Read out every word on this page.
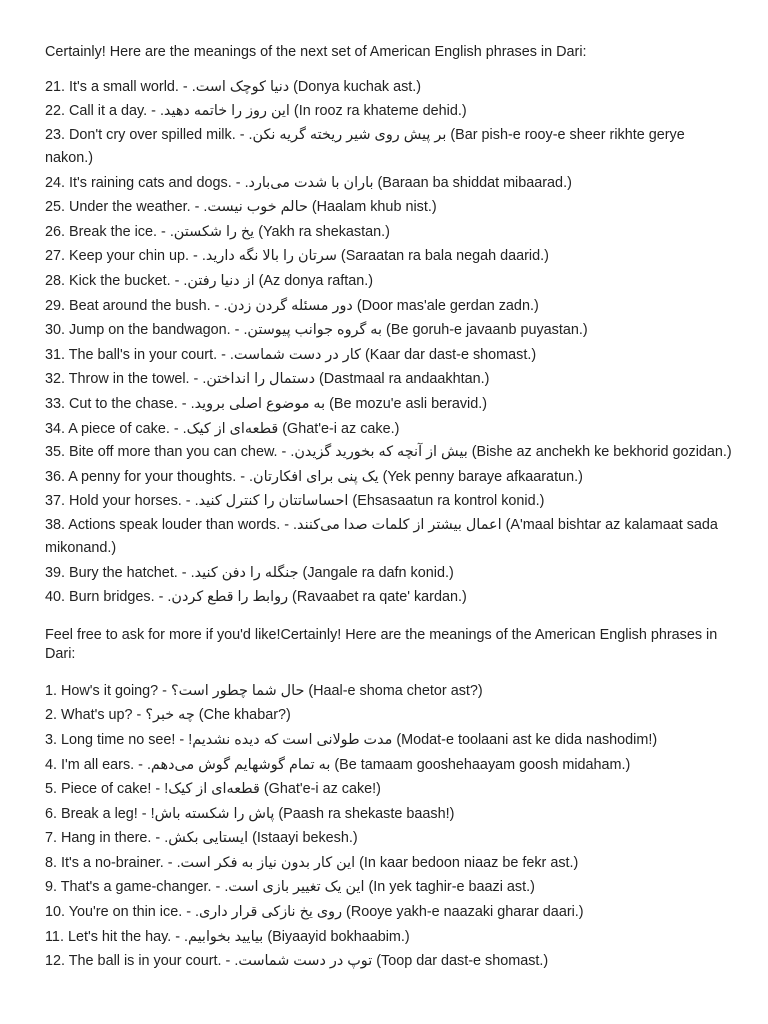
Certainly! Here are the meanings of the next set of American English phrases in Dari:

21. It's a small world. - دنیا کوچک است. (Donya kuchak ast.)
22. Call it a day. - این روز را خاتمه دهید. (In rooz ra khateme dehid.)
23. Don't cry over spilled milk. - بر پیش روی شیر ریخته گریه نکن. (Bar pish-e rooy-e sheer rikhte gerye nakon.)
24. It's raining cats and dogs. - باران با شدت می‌بارد. (Baraan ba shiddat mibaarad.)
25. Under the weather. - حالم خوب نیست. (Haalam khub nist.)
26. Break the ice. - یخ را شکستن. (Yakh ra shekastan.)
27. Keep your chin up. - سرتان را بالا نگه دارید. (Saraatan ra bala negah daarid.)
28. Kick the bucket. - از دنیا رفتن. (Az donya raftan.)
29. Beat around the bush. - دور مسئله گردن زدن. (Door mas'ale gerdan zadn.)
30. Jump on the bandwagon. - به گروه جوانب پیوستن. (Be goruh-e javaanb puyastan.)
31. The ball's in your court. - کار در دست شماست. (Kaar dar dast-e shomast.)
32. Throw in the towel. - دستمال را انداختن. (Dastmaal ra andaakhtan.)
33. Cut to the chase. - به موضوع اصلی بروید. (Be mozu'e asli beravid.)
34. A piece of cake. - قطعه‌ای از کیک. (Ghat'e-i az cake.)
35. Bite off more than you can chew. - بیش از آنچه که بخورید گزیدن. (Bishe az anchekh ke bekhorid gozidan.)
36. A penny for your thoughts. - یک پنی برای افکارتان. (Yek penny baraye afkaaratun.)
37. Hold your horses. - احساساتتان را کنترل کنید. (Ehsasaatun ra kontrol konid.)
38. Actions speak louder than words. - اعمال بیشتر از کلمات صدا می‌کنند. (A'maal bishtar az kalamaat sada mikonand.)
39. Bury the hatchet. - جنگله را دفن کنید. (Jangale ra dafn konid.)
40. Burn bridges. - روابط را قطع کردن. (Ravaabet ra qate' kardan.)

Feel free to ask for more if you'd like!Certainly! Here are the meanings of the American English phrases in Dari:

1. How's it going? - حال شما چطور است؟ (Haal-e shoma chetor ast?)
2. What's up? - چه خبر؟ (Che khabar?)
3. Long time no see! - مدت طولانی است که دیده نشدیم! (Modat-e toolaani ast ke dida nashodim!)
4. I'm all ears. - به تمام گوشهایم گوش می‌دهم. (Be tamaam gooshehaayam goosh midaham.)
5. Piece of cake! - قطعه‌ای از کیک! (Ghat'e-i az cake!)
6. Break a leg! - پاش را شکسته باش! (Paash ra shekaste baash!)
7. Hang in there. - ایستایی بکش. (Istaayi bekesh.)
8. It's a no-brainer. - این کار بدون نیاز به فکر است. (In kaar bedoon niaaz be fekr ast.)
9. That's a game-changer. - این یک تغییر بازی است. (In yek taghir-e baazi ast.)
10. You're on thin ice. - روی یخ نازکی قرار داری. (Rooye yakh-e naazaki gharar daari.)
11. Let's hit the hay. - بیایید بخوابیم. (Biyaayid bokhaabim.)
12. The ball is in your court. - توپ در دست شماست. (Toop dar dast-e shomast.)
